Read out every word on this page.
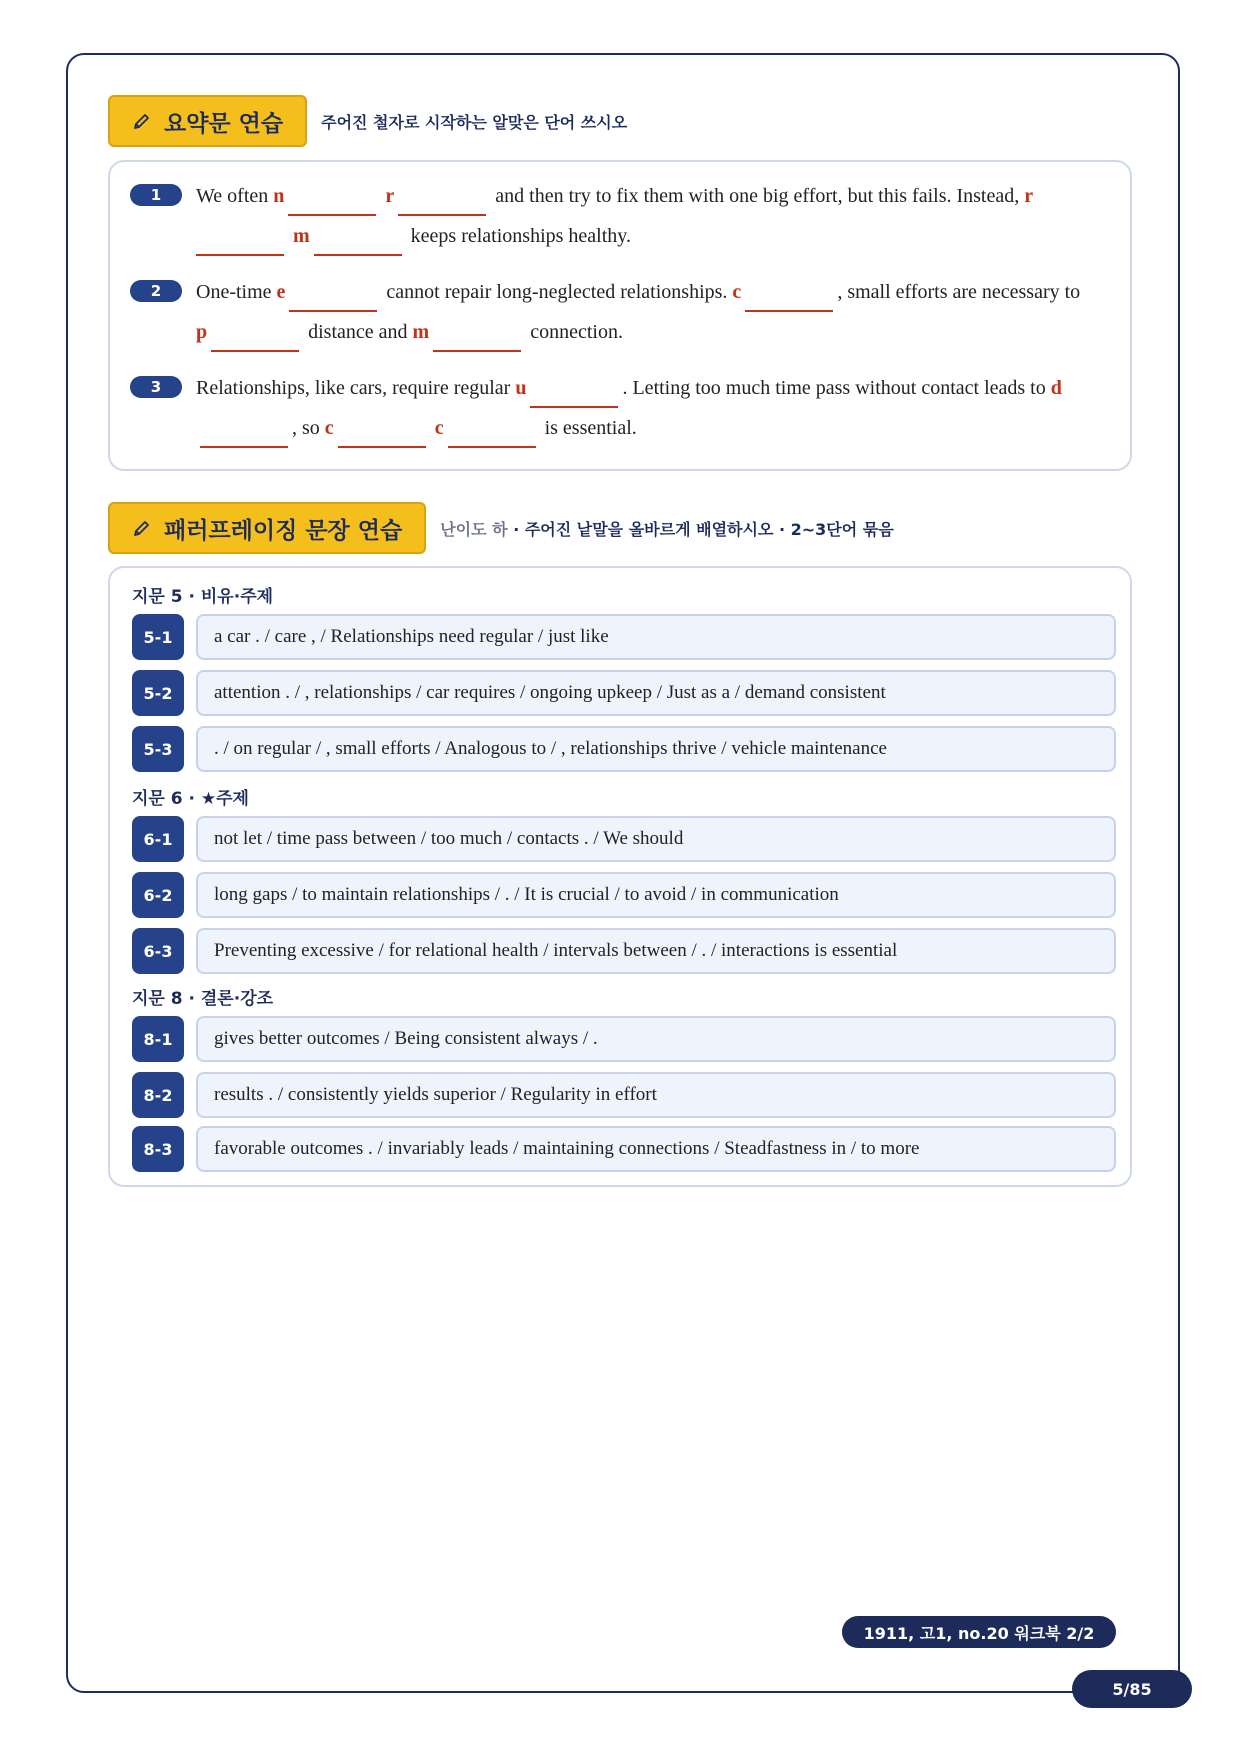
요약문 연습 주어진 철자로 시작하는 알맞은 단어 쓰시오
1	We often n	r	and then try to fix them with one big effort, but this fails. Instead, r
m	keeps relationships healthy.
2	One-time e	cannot repair long-neglected relationships. c	, small efforts are necessary to p	distance and m	connection.
3	Relationships, like cars, require regular u	. Letting too much time pass without contact leads to d, so c	c	is essential.
패러프레이징 문장 연습 난이도 하 · 주어진 낱말을 올바르게 배열하시오 · 2~3단어 묶음
지문 5 · 비유·주제
5-1	a car . / care , / Relationships need regular / just like
5-2	attention . / , relationships / car requires / ongoing upkeep / Just as a / demand consistent
5-3	. / on regular / , small efforts / Analogous to / , relationships thrive / vehicle maintenance
지문 6 · ★주제
6-1	not let / time pass between / too much / contacts . / We should
6-2	long gaps / to maintain relationships / . / It is crucial / to avoid / in communication
6-3	Preventing excessive / for relational health / intervals between / . / interactions is essential
지문 8 · 결론·강조
8-1	gives better outcomes / Being consistent always / .
8-2	results . / consistently yields superior / Regularity in effort
8-3	favorable outcomes . / invariably leads / maintaining connections / Steadfastness in / to more
1911, 고1, no.20 워크북 2/2
5/85
